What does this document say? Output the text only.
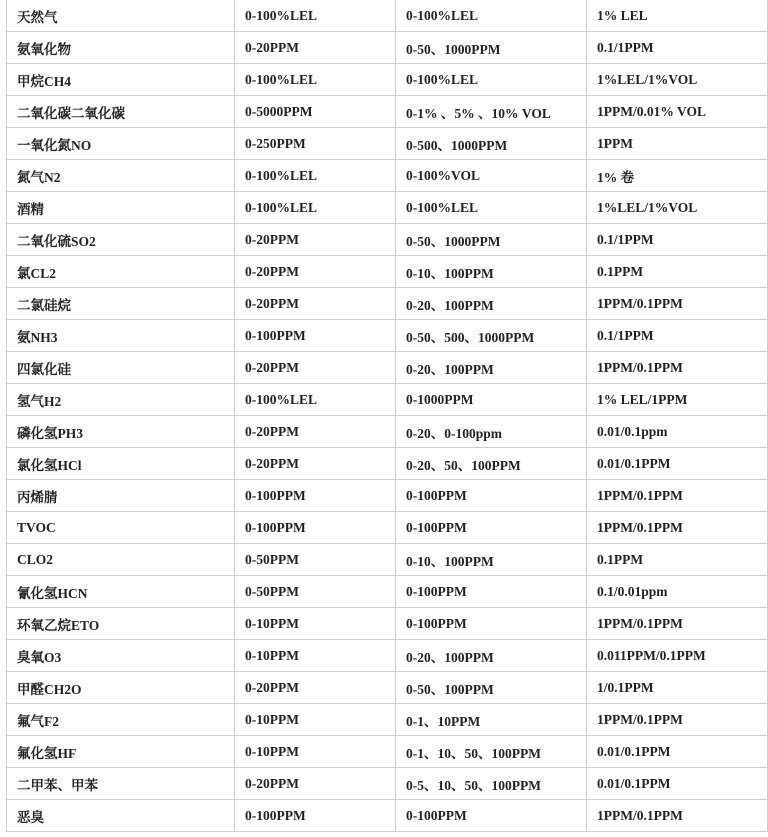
天然气	0-100%LEL	0-100%LEL	1% LEL
氨氧化物	0-20PPM	0-50、1000PPM	0.1/1PPM
甲烷CH4	0-100%LEL	0-100%LEL	1%LEL/1%VOL
二氧化碳二氧化碳	0-5000PPM	0-1% 、5% 、10% VOL	1PPM/0.01% VOL
一氧化氮NO	0-250PPM	0-500、1000PPM	1PPM
氮气N2	0-100%LEL	0-100%VOL	1% 卷
酒精	0-100%LEL	0-100%LEL	1%LEL/1%VOL
二氧化硫SO2	0-20PPM	0-50、1000PPM	0.1/1PPM
氯CL2	0-20PPM	0-10、100PPM	0.1PPM
二氯硅烷	0-20PPM	0-20、100PPM	1PPM/0.1PPM
氨NH3	0-100PPM	0-50、500、1000PPM	0.1/1PPM
四氯化硅	0-20PPM	0-20、100PPM	1PPM/0.1PPM
氢气H2	0-100%LEL	0-1000PPM	1% LEL/1PPM
磷化氢PH3	0-20PPM	0-20、0-100ppm	0.01/0.1ppm
氯化氢HCl	0-20PPM	0-20、50、100PPM	0.01/0.1PPM
丙烯腈	0-100PPM	0-100PPM	1PPM/0.1PPM
TVOC	0-100PPM	0-100PPM	1PPM/0.1PPM
CLO2	0-50PPM	0-10、100PPM	0.1PPM
氰化氢HCN	0-50PPM	0-100PPM	0.1/0.01ppm
环氧乙烷ETO	0-10PPM	0-100PPM	1PPM/0.1PPM
臭氧O3	0-10PPM	0-20、100PPM	0.011PPM/0.1PPM
甲醛CH2O	0-20PPM	0-50、100PPM	1/0.1PPM
氟气F2	0-10PPM	0-1、10PPM	1PPM/0.1PPM
氟化氢HF	0-10PPM	0-1、10、50、100PPM	0.01/0.1PPM
二甲苯、甲苯	0-20PPM	0-5、10、50、100PPM	0.01/0.1PPM
恶臭	0-100PPM	0-100PPM	1PPM/0.1PPM
